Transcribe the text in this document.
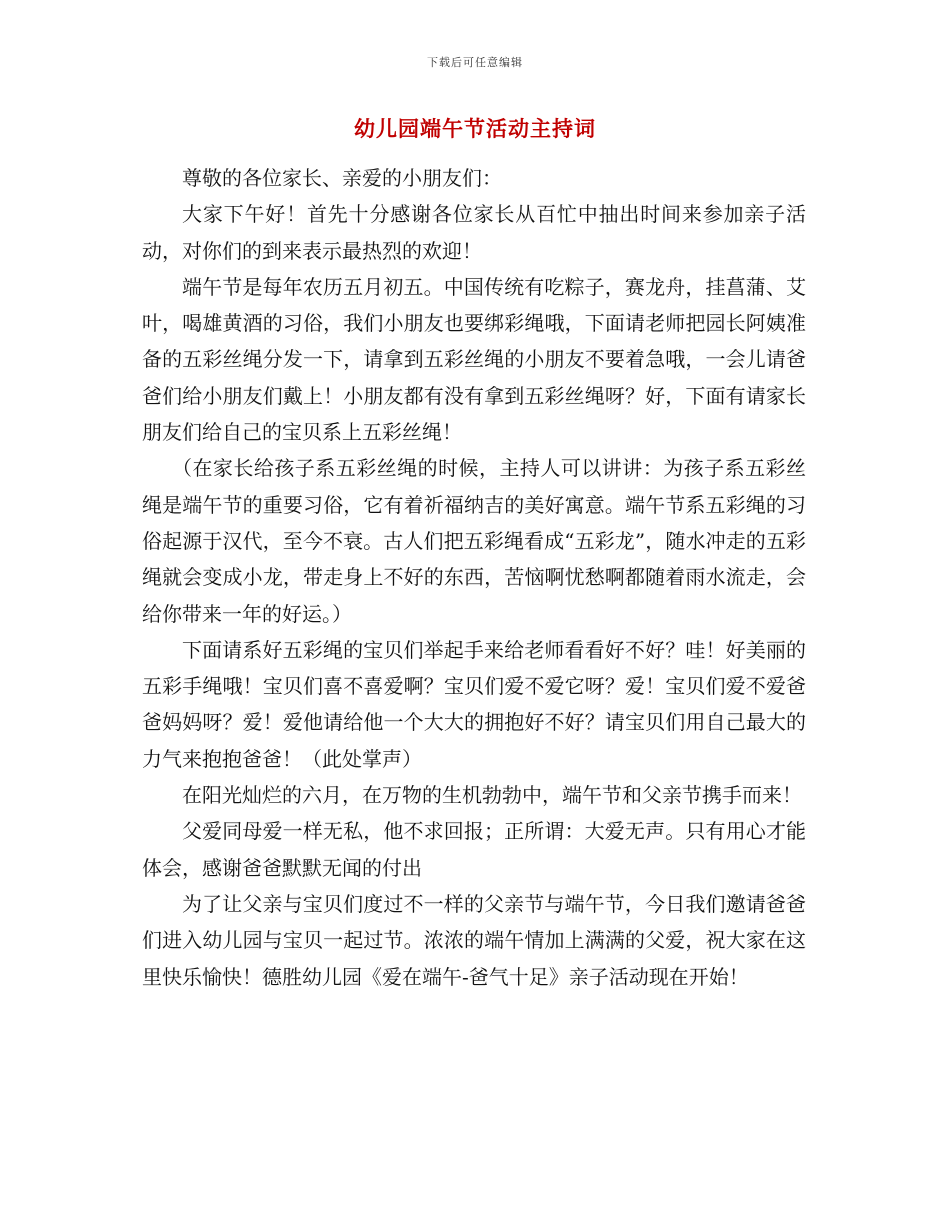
下载后可任意编辑
幼儿园端午节活动主持词

尊敬的各位家长、亲爱的小朋友们：

大家下午好！首先十分感谢各位家长从百忙中抽出时间来参加亲子活动，对你们的到来表示最热烈的欢迎！

端午节是每年农历五月初五。中国传统有吃粽子，赛龙舟，挂菖蒲、艾叶，喝雄黄酒的习俗，我们小朋友也要绑彩绳哦，下面请老师把园长阿姨准备的五彩丝绳分发一下，请拿到五彩丝绳的小朋友不要着急哦，一会儿请爸爸们给小朋友们戴上！小朋友都有没有拿到五彩丝绳呀？好，下面有请家长朋友们给自己的宝贝系上五彩丝绳！

（在家长给孩子系五彩丝绳的时候，主持人可以讲讲：为孩子系五彩丝绳是端午节的重要习俗，它有着祈福纳吉的美好寓意。端午节系五彩绳的习俗起源于汉代，至今不衰。古人们把五彩绳看成“五彩龙”，随水冲走的五彩绳就会变成小龙，带走身上不好的东西，苦恼啊忧愁啊都随着雨水流走，会给你带来一年的好运。）

下面请系好五彩绳的宝贝们举起手来给老师看看好不好？哇！好美丽的五彩手绳哦！宝贝们喜不喜爱啊？宝贝们爱不爱它呀？爱！宝贝们爱不爱爸爸妈妈呀？爱！爱他请给他一个大大的拥抱好不好？请宝贝们用自己最大的力气来抱抱爸爸！（此处掌声）

在阳光灿烂的六月，在万物的生机勃勃中，端午节和父亲节携手而来！

父爱同母爱一样无私，他不求回报；正所谓：大爱无声。只有用心才能体会，感谢爸爸默默无闻的付出

为了让父亲与宝贝们度过不一样的父亲节与端午节，今日我们邀请爸爸们进入幼儿园与宝贝一起过节。浓浓的端午情加上满满的父爱，祝大家在这里快乐愉快！德胜幼儿园《爱在端午-爸气十足》亲子活动现在开始！
